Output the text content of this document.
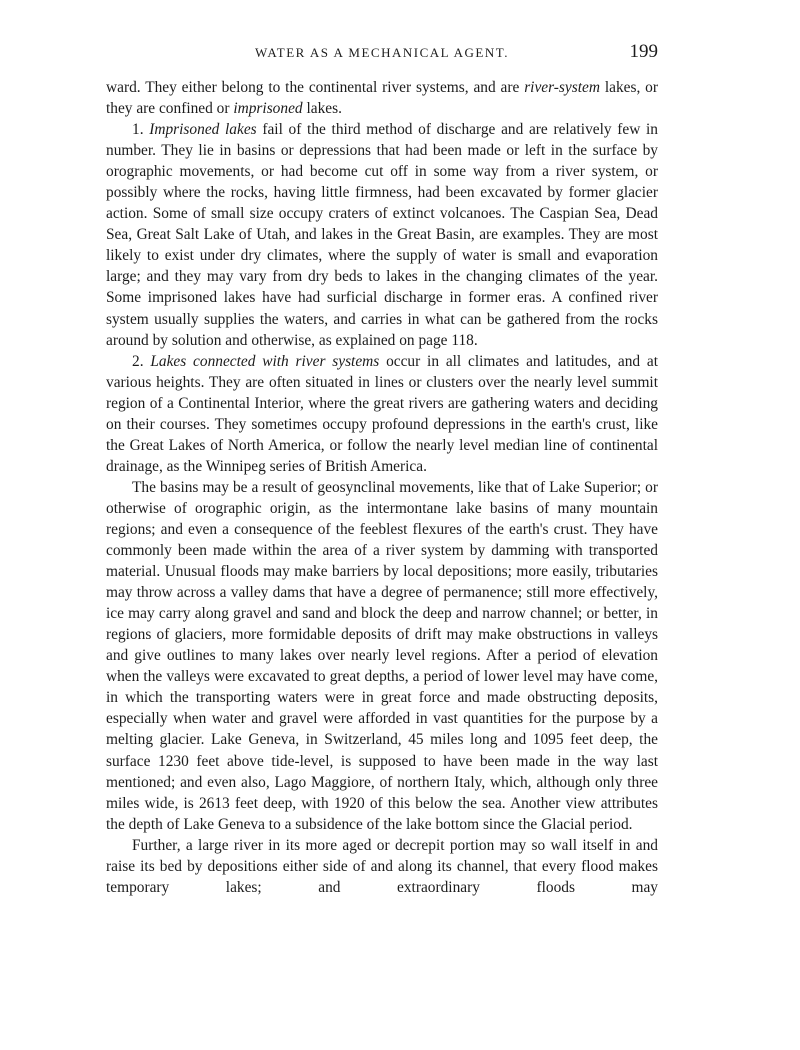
WATER AS A MECHANICAL AGENT.	199

ward. They either belong to the continental river systems, and are river-system lakes, or they are confined or imprisoned lakes.

1. Imprisoned lakes fail of the third method of discharge and are relatively few in number. They lie in basins or depressions that had been made or left in the surface by orographic movements, or had become cut off in some way from a river system, or possibly where the rocks, having little firmness, had been excavated by former glacier action. Some of small size occupy craters of extinct volcanoes. The Caspian Sea, Dead Sea, Great Salt Lake of Utah, and lakes in the Great Basin, are examples. They are most likely to exist under dry climates, where the supply of water is small and evaporation large; and they may vary from dry beds to lakes in the changing climates of the year. Some imprisoned lakes have had surficial discharge in former eras. A confined river system usually supplies the waters, and carries in what can be gathered from the rocks around by solution and otherwise, as explained on page 118.

2. Lakes connected with river systems occur in all climates and latitudes, and at various heights. They are often situated in lines or clusters over the nearly level summit region of a Continental Interior, where the great rivers are gathering waters and deciding on their courses. They sometimes occupy profound depressions in the earth's crust, like the Great Lakes of North America, or follow the nearly level median line of continental drainage, as the Winnipeg series of British America.

The basins may be a result of geosynclinal movements, like that of Lake Superior; or otherwise of orographic origin, as the intermontane lake basins of many mountain regions; and even a consequence of the feeblest flexures of the earth's crust. They have commonly been made within the area of a river system by damming with transported material. Unusual floods may make barriers by local depositions; more easily, tributaries may throw across a valley dams that have a degree of permanence; still more effectively, ice may carry along gravel and sand and block the deep and narrow channel; or better, in regions of glaciers, more formidable deposits of drift may make obstructions in valleys and give outlines to many lakes over nearly level regions. After a period of elevation when the valleys were excavated to great depths, a period of lower level may have come, in which the transporting waters were in great force and made obstructing deposits, especially when water and gravel were afforded in vast quantities for the purpose by a melting glacier. Lake Geneva, in Switzerland, 45 miles long and 1095 feet deep, the surface 1230 feet above tide-level, is supposed to have been made in the way last mentioned; and even also, Lago Maggiore, of northern Italy, which, although only three miles wide, is 2613 feet deep, with 1920 of this below the sea. Another view attributes the depth of Lake Geneva to a subsidence of the lake bottom since the Glacial period.

Further, a large river in its more aged or decrepit portion may so wall itself in and raise its bed by depositions either side of and along its channel, that every flood makes temporary lakes; and extraordinary floods may
